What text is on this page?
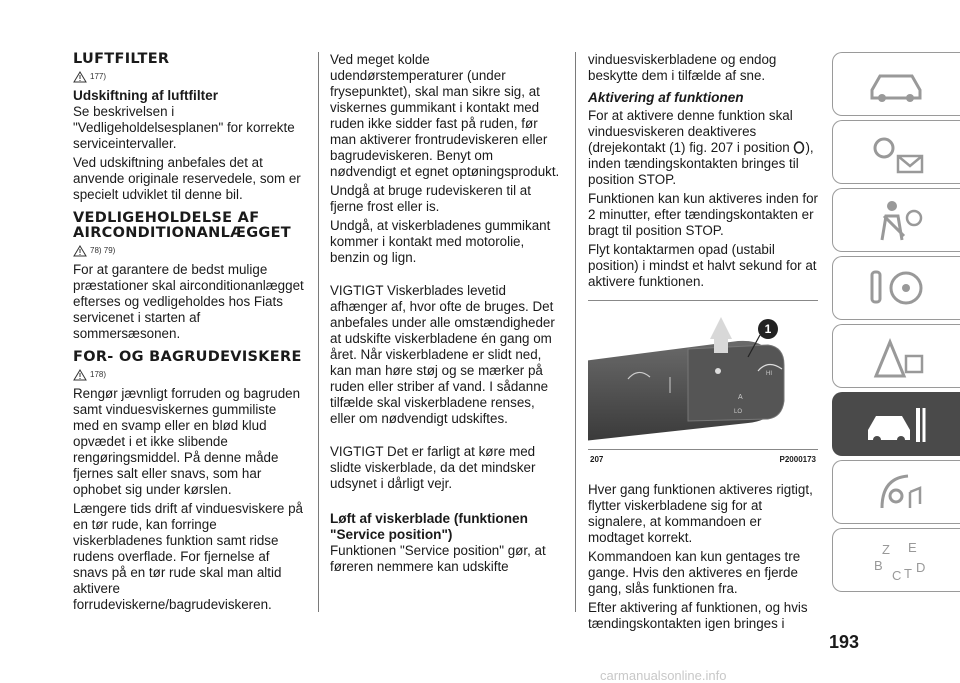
LUFTFILTER
177)
Udskiftning af luftfilter

Se beskrivelsen i "Vedligeholdelsesplanen" for korrekte serviceintervaller.

Ved udskiftning anbefales det at anvende originale reservedele, som er specielt udviklet til denne bil.

VEDLIGEHOLDELSE AF AIRCONDITIONANLÆGGET
78) 79)

For at garantere de bedst mulige præstationer skal airconditionanlægget efterses og vedligeholdes hos Fiats servicenet i starten af sommersæsonen.

FOR- OG BAGRUDEVISKERE
178)

Rengør jævnligt forruden og bagruden samt vinduesviskernes gummiliste med en svamp eller en blød klud opvædet i et ikke slibende rengøringsmiddel. På denne måde fjernes salt eller snavs, som har ophobet sig under kørslen.

Længere tids drift af vinduesviskere på en tør rude, kan forringe viskerbladenes funktion samt ridse rudens overflade. For fjernelse af snavs på en tør rude skal man altid aktivere forrudeviskerne/bagrudeviskeren.

Ved meget kolde udendørstemperaturer (under frysepunktet), skal man sikre sig, at viskernes gummikant i kontakt med ruden ikke sidder fast på ruden, før man aktiverer frontrudeviskeren eller bagrudeviskeren. Benyt om nødvendigt et egnet optøningsprodukt.

Undgå at bruge rudeviskeren til at fjerne frost eller is.

Undgå, at viskerbladenes gummikant kommer i kontakt med motorolie, benzin og lign.

VIGTIGT Viskerblades levetid afhænger af, hvor ofte de bruges. Det anbefales under alle omstændigheder at udskifte viskerbladene én gang om året. Når viskerbladene er slidt ned, kan man høre støj og se mærker på ruden eller striber af vand. I sådanne tilfælde skal viskerbladene renses, eller om nødvendigt udskiftes.

VIGTIGT Det er farligt at køre med slidte viskerblade, da det mindsker udsynet i dårligt vejr.

Løft af viskerblade (funktionen "Service position")

Funktionen "Service position" gør, at føreren nemmere kan udskifte

vinduesviskerbladene og endog beskytte dem i tilfælde af sne.

Aktivering af funktionen

For at aktivere denne funktion skal vinduesviskeren deaktiveres (drejekontakt (1) fig. 207 i position ), inden tændingskontakten bringes til position STOP.

Funktionen kan kun aktiveres inden for 2 minutter, efter tændingskontakten er bragt til position STOP.

Flyt kontaktarmen opad (ustabil position) i mindst et halvt sekund for at aktivere funktionen.

1
A
LO
HI
207	P2000173

Hver gang funktionen aktiveres rigtigt, flytter viskerbladene sig for at signalere, at kommandoen er modtaget korrekt.

Kommandoen kan kun gentages tre gange. Hvis den aktiveres en fjerde gang, slås funktionen fra.

Efter aktivering af funktionen, og hvis tændingskontakten igen bringes i

Z E
B
C T D
193
carmanualsonline.info
